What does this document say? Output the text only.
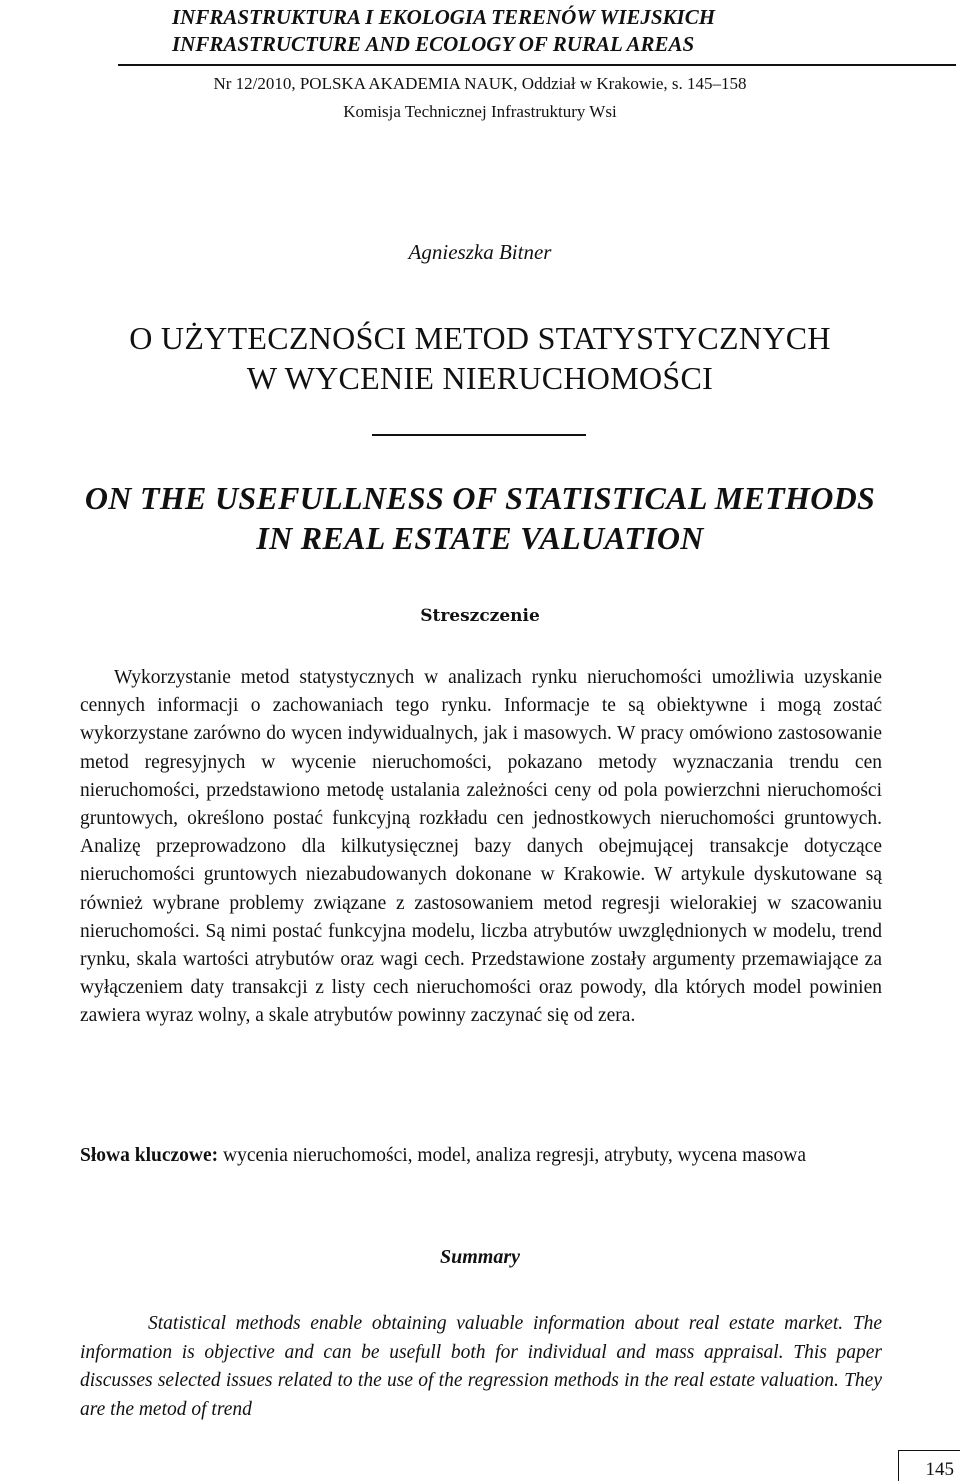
INFRASTRUKTURA I EKOLOGIA TERENÓW WIEJSKICH
INFRASTRUCTURE AND ECOLOGY OF RURAL AREAS
Nr 12/2010, POLSKA AKADEMIA NAUK, Oddział w Krakowie, s. 145–158
Komisja Technicznej Infrastruktury Wsi
Agnieszka Bitner
O UŻYTECZNOŚCI METOD STATYSTYCZNYCH
W WYCENIE NIERUCHOMOŚCI
ON THE USEFULLNESS OF STATISTICAL METHODS
IN REAL ESTATE VALUATION
Streszczenie

Wykorzystanie metod statystycznych w analizach rynku nieruchomości umożliwia uzyskanie cennych informacji o zachowaniach tego rynku. Informacje te są obiektywne i mogą zostać wykorzystane zarówno do wycen indywidualnych, jak i masowych. W pracy omówiono zastosowanie metod regresyjnych w wycenie nieruchomości, pokazano metody wyznaczania trendu cen nieruchomości, przedstawiono metodę ustalania zależności ceny od pola powierzchni nieruchomości gruntowych, określono postać funkcyjną rozkładu cen jednostkowych nieruchomości gruntowych. Analizę przeprowadzono dla kilkutysięcznej bazy danych obejmującej transakcje dotyczące nieruchomości gruntowych niezabudowanych dokonane w Krakowie. W artykule dyskutowane są również wybrane problemy związane z zastosowaniem metod regresji wielorakiej w szacowaniu nieruchomości. Są nimi postać funkcyjna modelu, liczba atrybutów uwzględnionych w modelu, trend rynku, skala wartości atrybutów oraz wagi cech. Przedstawione zostały argumenty przemawiające za wyłączeniem daty transakcji z listy cech nieruchomości oraz powody, dla których model powinien zawiera wyraz wolny, a skale atrybutów powinny zaczynać się od zera.

Słowa kluczowe: wycenia nieruchomości, model, analiza regresji, atrybuty, wycena masowa

Summary

Statistical methods enable obtaining valuable information about real estate market. The information is objective and can be usefull both for individual and mass appraisal. This paper discusses selected issues related to the use of the regression methods in the real estate valuation. They are the metod of trend

145
